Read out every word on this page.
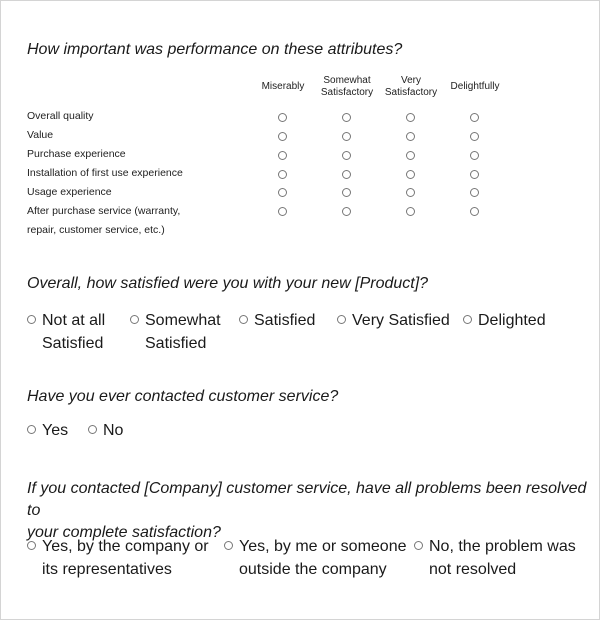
How important was performance on these attributes?
Miserably
Somewhat
Satisfactory
Very
Satisfactory
Delightfully
Overall quality
Value
Purchase experience
Installation of first use experience
Usage experience
After purchase service (warranty,
repair, customer service, etc.)
Overall, how satisfied were you with your new [Product]?
Not at all
Satisfied
Somewhat
Satisfied
Satisfied Very Satisfied Delighted
Have you ever contacted customer service?
Yes No
If you contacted [Company] customer service, have all problems been resolved to
your complete satisfaction?
Yes, by the company or
its representatives
Yes, by me or someone
outside the company
No, the problem was
not resolved
